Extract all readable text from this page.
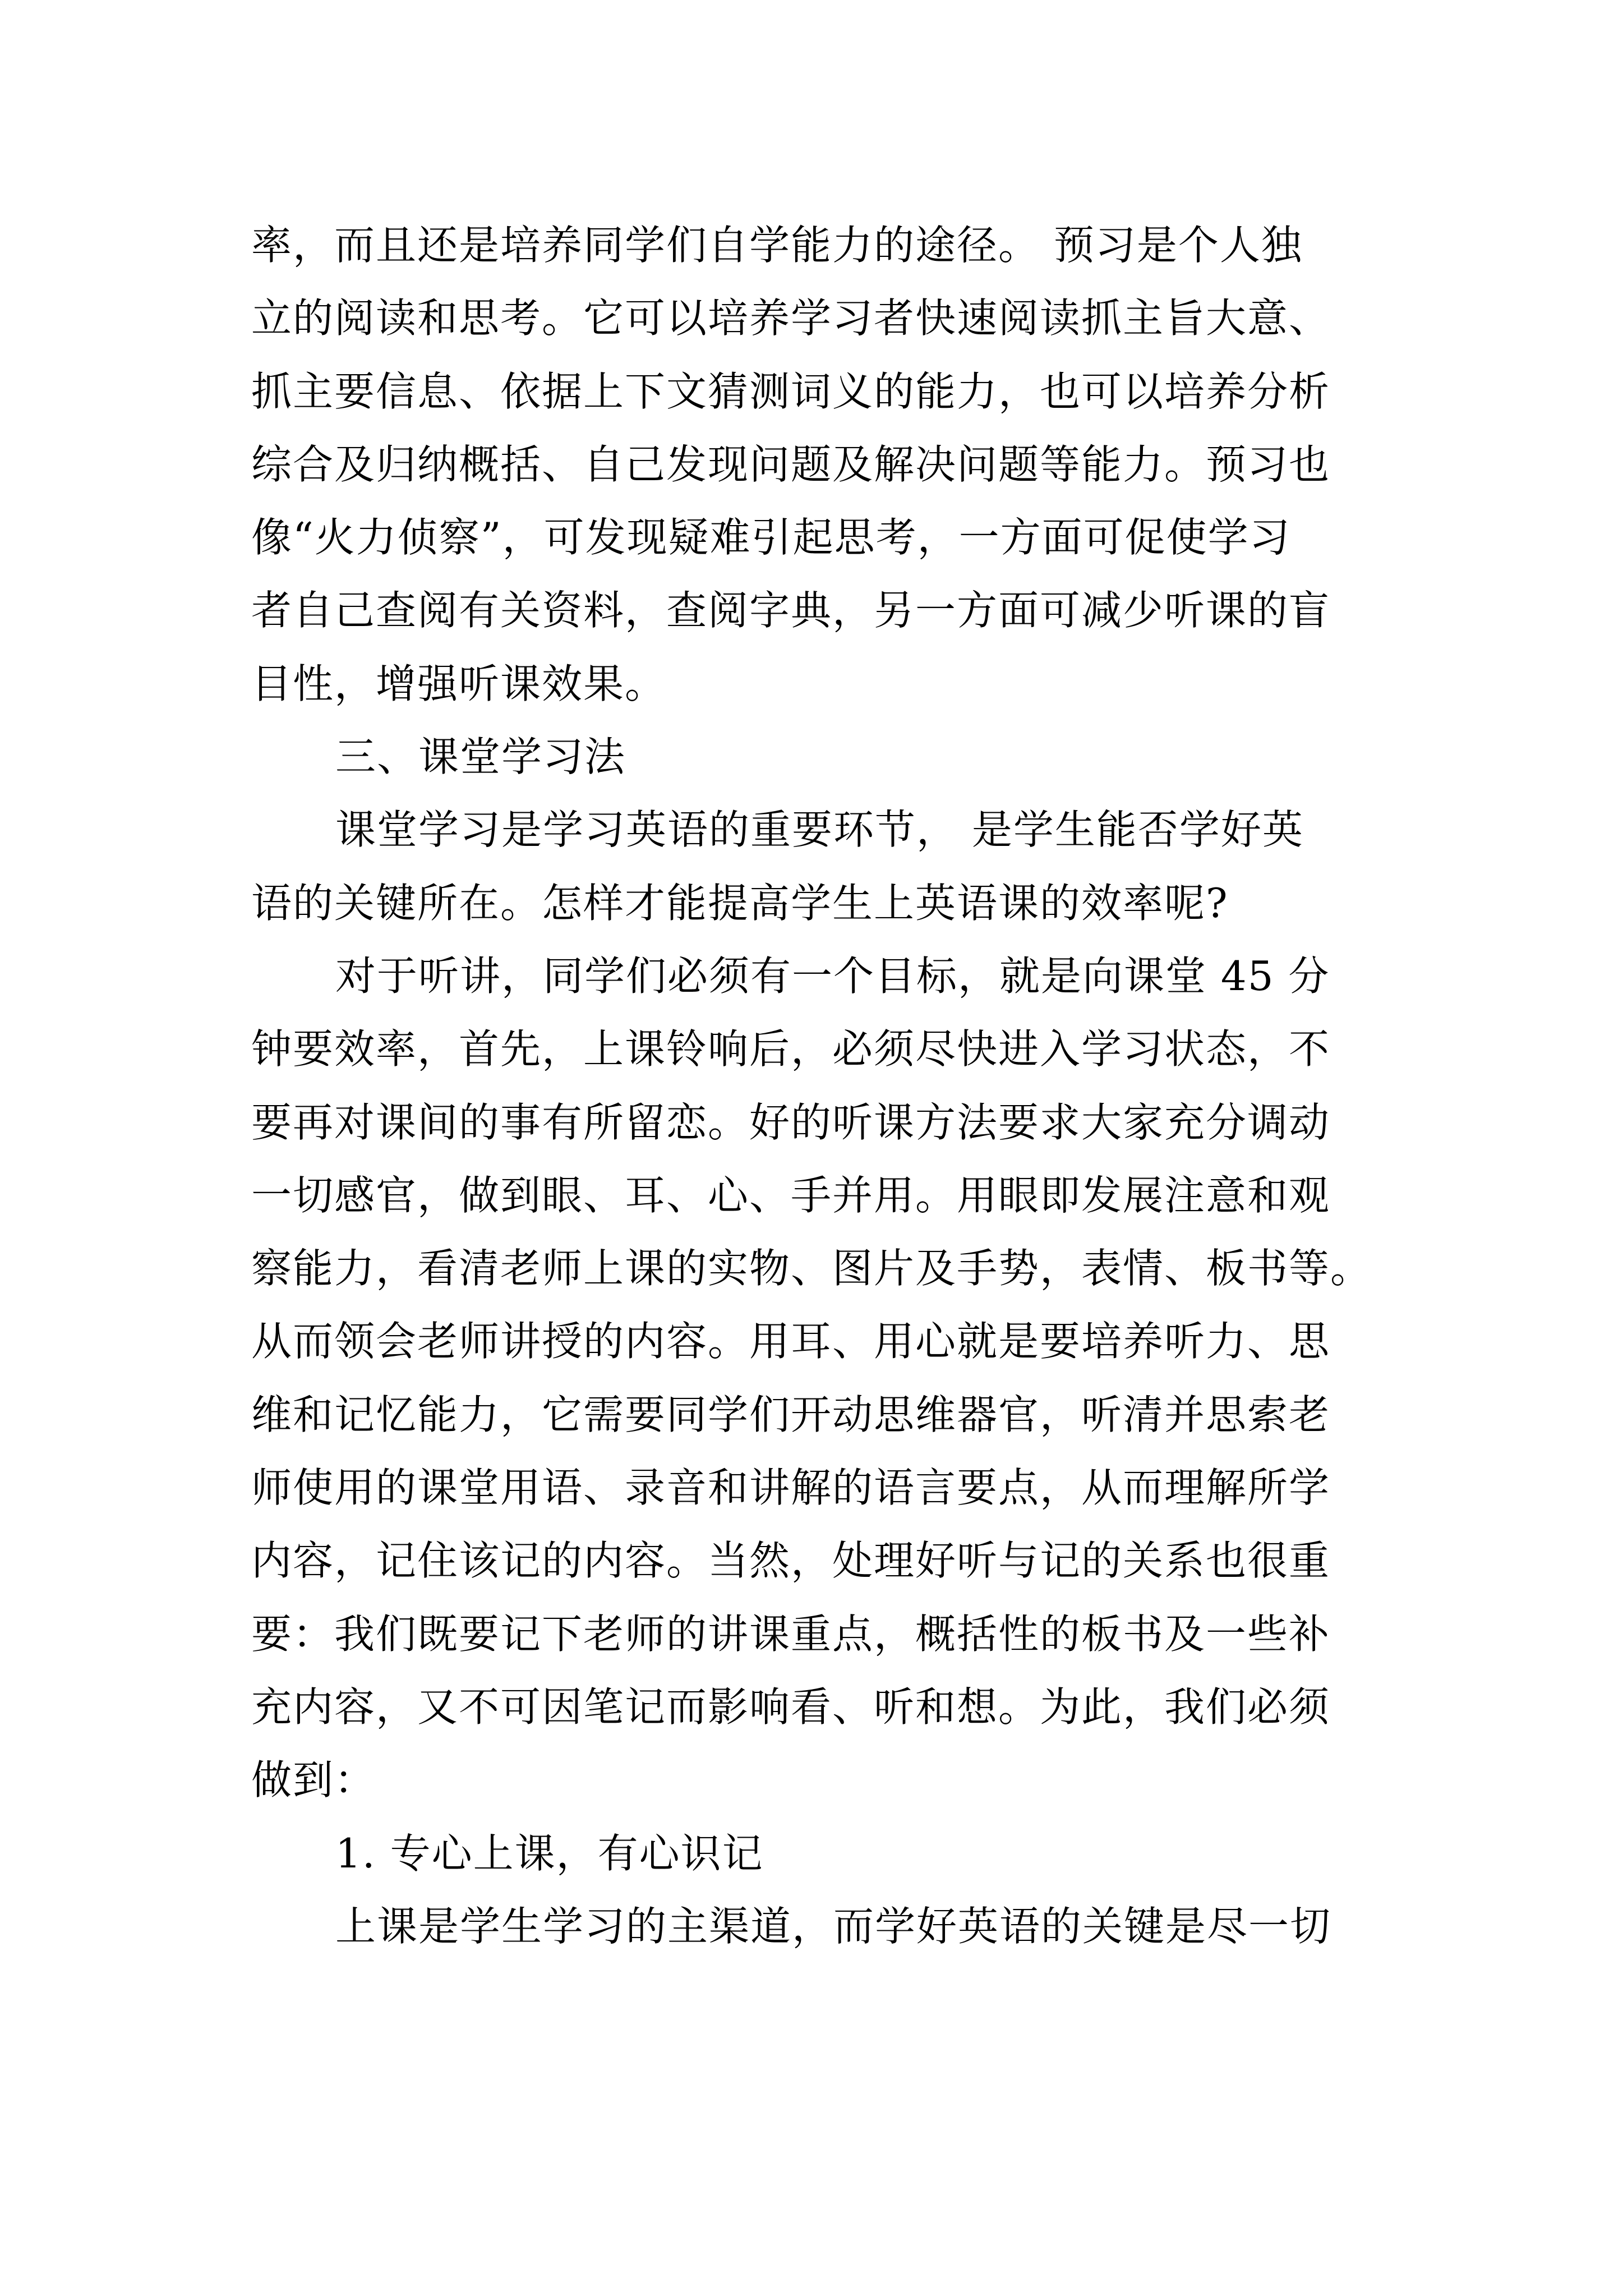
率，而且还是培养同学们自学能力的途径。 预习是个人独
立的阅读和思考。它可以培养学习者快速阅读抓主旨大意、
抓主要信息、依据上下文猜测词义的能力，也可以培养分析
综合及归纳概括、自己发现问题及解决问题等能力。预习也
像“火力侦察”，可发现疑难引起思考，一方面可促使学习
者自己查阅有关资料，查阅字典，另一方面可减少听课的盲
目性，增强听课效果。
三、课堂学习法
课堂学习是学习英语的重要环节， 是学生能否学好英
语的关键所在。怎样才能提高学生上英语课的效率呢?
对于听讲，同学们必须有一个目标，就是向课堂 45 分
钟要效率，首先，上课铃响后，必须尽快进入学习状态，不
要再对课间的事有所留恋。好的听课方法要求大家充分调动
一切感官，做到眼、耳、心、手并用。用眼即发展注意和观
察能力，看清老师上课的实物、图片及手势，表情、板书等。
从而领会老师讲授的内容。用耳、用心就是要培养听力、思
维和记忆能力，它需要同学们开动思维器官，听清并思索老
师使用的课堂用语、录音和讲解的语言要点，从而理解所学
内容，记住该记的内容。当然，处理好听与记的关系也很重
要：我们既要记下老师的讲课重点，概括性的板书及一些补
充内容，又不可因笔记而影响看、听和想。为此，我们必须
做到：
1. 专心上课，有心识记
上课是学生学习的主渠道，而学好英语的关键是尽一切
